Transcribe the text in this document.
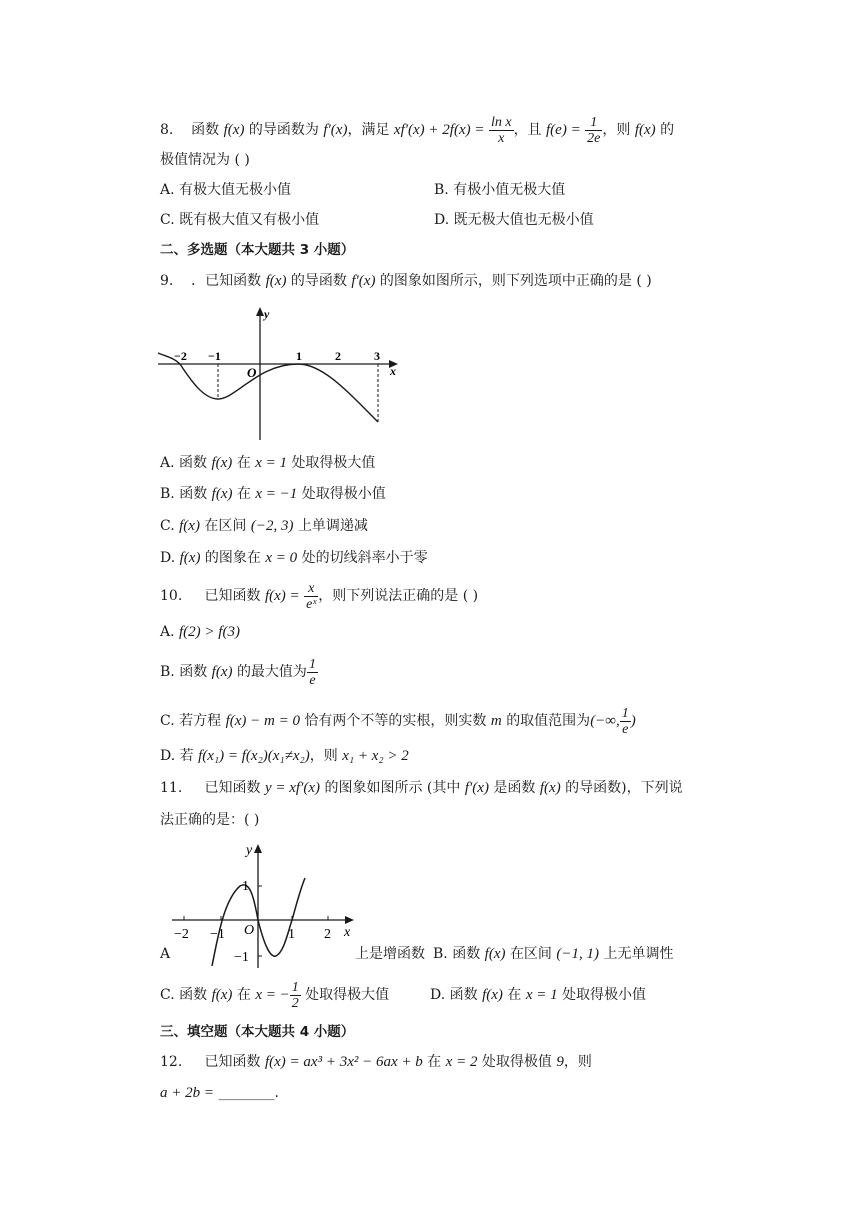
8. 函数 f(x) 的导函数为 f′(x)，满足 $xf'(x) + 2f(x) = \frac{\text{ln x}}{x}$ ，且 $f(e) = \frac{1}{2e}$ ，则 f(x) 的
极值情况为 ( )
A. 有极大值无极小值	B. 有极小值无极大值
C. 既有极大值又有极小值	D. 既无极大值也无极小值
二、多选题（本大题共 3 小题）
9. ．已知函数 f(x) 的导函数 f′(x) 的图象如图所示，则下列选项中正确的是 ( )
−2 −1	1	2	3
O	x
y
A. 函数 f(x) 在 x = 1 处取得极大值
B. 函数 f(x) 在 x = −1 处取得极小值
C. f(x) 在区间 (−2, 3) 上单调递减
D. f(x) 的图象在 x = 0 处的切线斜率小于零
10. 已知函数 $f(x) = \frac{x}{\text{eˣ}}$ ，则下列说法正确的是 ( )
A. f(2) > f(3)
B. 函数 f(x) 的最大值为 $\frac{1}{e}$
C. 若方程 f(x) − m = 0 恰有两个不等的实根，则实数 m 的取值范围为(−∞, $\frac{1}{e}$ )
D. 若 f(x₁) = f(x₂)(x₁≠x₂)，则 x₁ + x₂ > 2
11. 已知函数 y = xf′(x) 的图象如图所示 (其中 f′(x) 是函数 f(x) 的导函数)，下列说
法正确的是：( )
−2 −1	1 2
1
−1
O	x
y
A	上是增函数 B. 函数 f(x) 在区间 (−1, 1) 上无单调性
C. 函数 f(x) 在 x = − $\frac{1}{2}$ 处取得极大值	D. 函数 f(x) 在 x = 1 处取得极小值
三、填空题（本大题共 4 小题）
12. 已知函数 f(x) = ax³ + 3x² − 6ax + b 在 x = 2 处取得极值 9，则
a + 2b = ________.
